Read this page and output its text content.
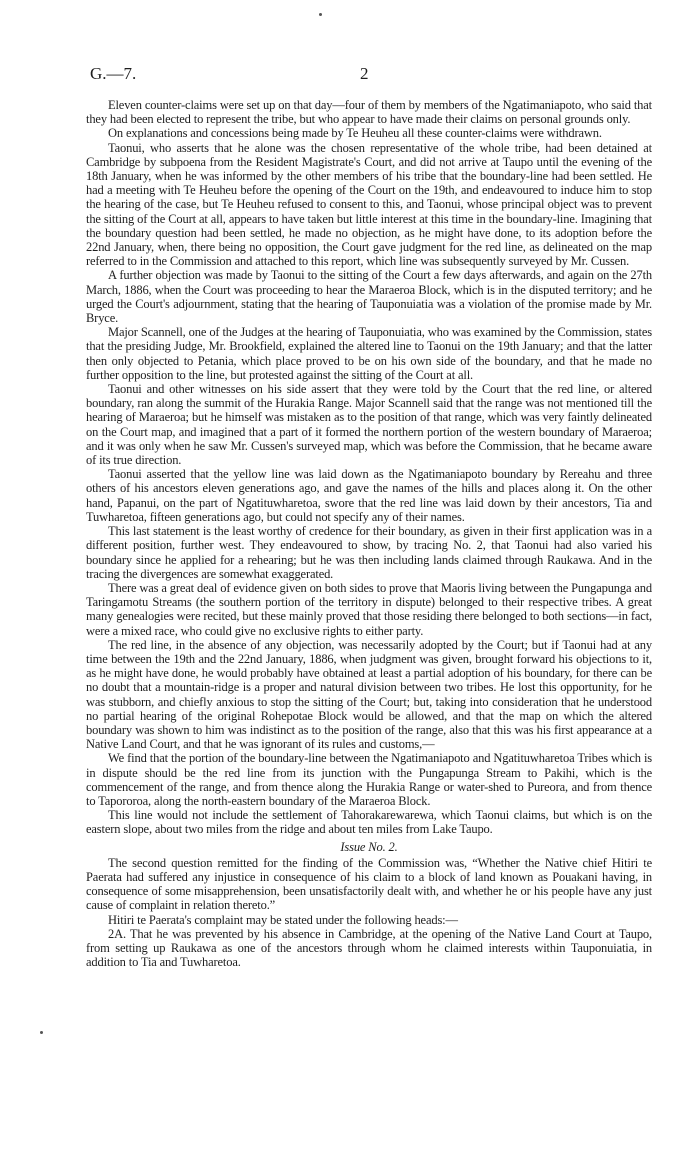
G.—7.	2

Eleven counter-claims were set up on that day—four of them by members of the Ngatimaniapoto, who said that they had been elected to represent the tribe, but who appear to have made their claims on personal grounds only.

On explanations and concessions being made by Te Heuheu all these counter-claims were withdrawn.

Taonui, who asserts that he alone was the chosen representative of the whole tribe, had been detained at Cambridge by subpoena from the Resident Magistrate's Court, and did not arrive at Taupo until the evening of the 18th January, when he was informed by the other members of his tribe that the boundary-line had been settled. He had a meeting with Te Heuheu before the opening of the Court on the 19th, and endeavoured to induce him to stop the hearing of the case, but Te Heuheu refused to consent to this, and Taonui, whose principal object was to prevent the sitting of the Court at all, appears to have taken but little interest at this time in the boundary-line. Imagining that the boundary question had been settled, he made no objection, as he might have done, to its adoption before the 22nd January, when, there being no opposition, the Court gave judgment for the red line, as delineated on the map referred to in the Commission and attached to this report, which line was subsequently surveyed by Mr. Cussen.

A further objection was made by Taonui to the sitting of the Court a few days afterwards, and again on the 27th March, 1886, when the Court was proceeding to hear the Maraeroa Block, which is in the disputed territory; and he urged the Court's adjournment, stating that the hearing of Tauponuiatia was a violation of the promise made by Mr. Bryce.

Major Scannell, one of the Judges at the hearing of Tauponuiatia, who was examined by the Commission, states that the presiding Judge, Mr. Brookfield, explained the altered line to Taonui on the 19th January; and that the latter then only objected to Petania, which place proved to be on his own side of the boundary, and that he made no further opposition to the line, but protested against the sitting of the Court at all.

Taonui and other witnesses on his side assert that they were told by the Court that the red line, or altered boundary, ran along the summit of the Hurakia Range. Major Scannell said that the range was not mentioned till the hearing of Maraeroa; but he himself was mistaken as to the position of that range, which was very faintly delineated on the Court map, and imagined that a part of it formed the northern portion of the western boundary of Maraeroa; and it was only when he saw Mr. Cussen's surveyed map, which was before the Commission, that he became aware of its true direction.

Taonui asserted that the yellow line was laid down as the Ngatimaniapoto boundary by Rereahu and three others of his ancestors eleven generations ago, and gave the names of the hills and places along it. On the other hand, Papanui, on the part of Ngatituwharetoa, swore that the red line was laid down by their ancestors, Tia and Tuwharetoa, fifteen generations ago, but could not specify any of their names.

This last statement is the least worthy of credence for their boundary, as given in their first application was in a different position, further west. They endeavoured to show, by tracing No. 2, that Taonui had also varied his boundary since he applied for a rehearing; but he was then including lands claimed through Raukawa. And in the tracing the divergences are somewhat exaggerated.

There was a great deal of evidence given on both sides to prove that Maoris living between the Pungapunga and Taringamotu Streams (the southern portion of the territory in dispute) belonged to their respective tribes. A great many genealogies were recited, but these mainly proved that those residing there belonged to both sections—in fact, were a mixed race, who could give no exclusive rights to either party.

The red line, in the absence of any objection, was necessarily adopted by the Court; but if Taonui had at any time between the 19th and the 22nd January, 1886, when judgment was given, brought forward his objections to it, as he might have done, he would probably have obtained at least a partial adoption of his boundary, for there can be no doubt that a mountain-ridge is a proper and natural division between two tribes. He lost this opportunity, for he was stubborn, and chiefly anxious to stop the sitting of the Court; but, taking into consideration that he understood no partial hearing of the original Rohepotae Block would be allowed, and that the map on which the altered boundary was shown to him was indistinct as to the position of the range, also that this was his first appearance at a Native Land Court, and that he was ignorant of its rules and customs,—

We find that the portion of the boundary-line between the Ngatimaniapoto and Ngatituwharetoa Tribes which is in dispute should be the red line from its junction with the Pungapunga Stream to Pakihi, which is the commencement of the range, and from thence along the Hurakia Range or water-shed to Pureora, and from thence to Tapororoa, along the north-eastern boundary of the Maraeroa Block.

This line would not include the settlement of Tahorakarewarewa, which Taonui claims, but which is on the eastern slope, about two miles from the ridge and about ten miles from Lake Taupo.

Issue No. 2.

The second question remitted for the finding of the Commission was, “Whether the Native chief Hitiri te Paerata had suffered any injustice in consequence of his claim to a block of land known as Pouakani having, in consequence of some misapprehension, been unsatisfactorily dealt with, and whether he or his people have any just cause of complaint in relation thereto.”

Hitiri te Paerata's complaint may be stated under the following heads:—

2A. That he was prevented by his absence in Cambridge, at the opening of the Native Land Court at Taupo, from setting up Raukawa as one of the ancestors through whom he claimed interests within Tauponuiatia, in addition to Tia and Tuwharetoa.
